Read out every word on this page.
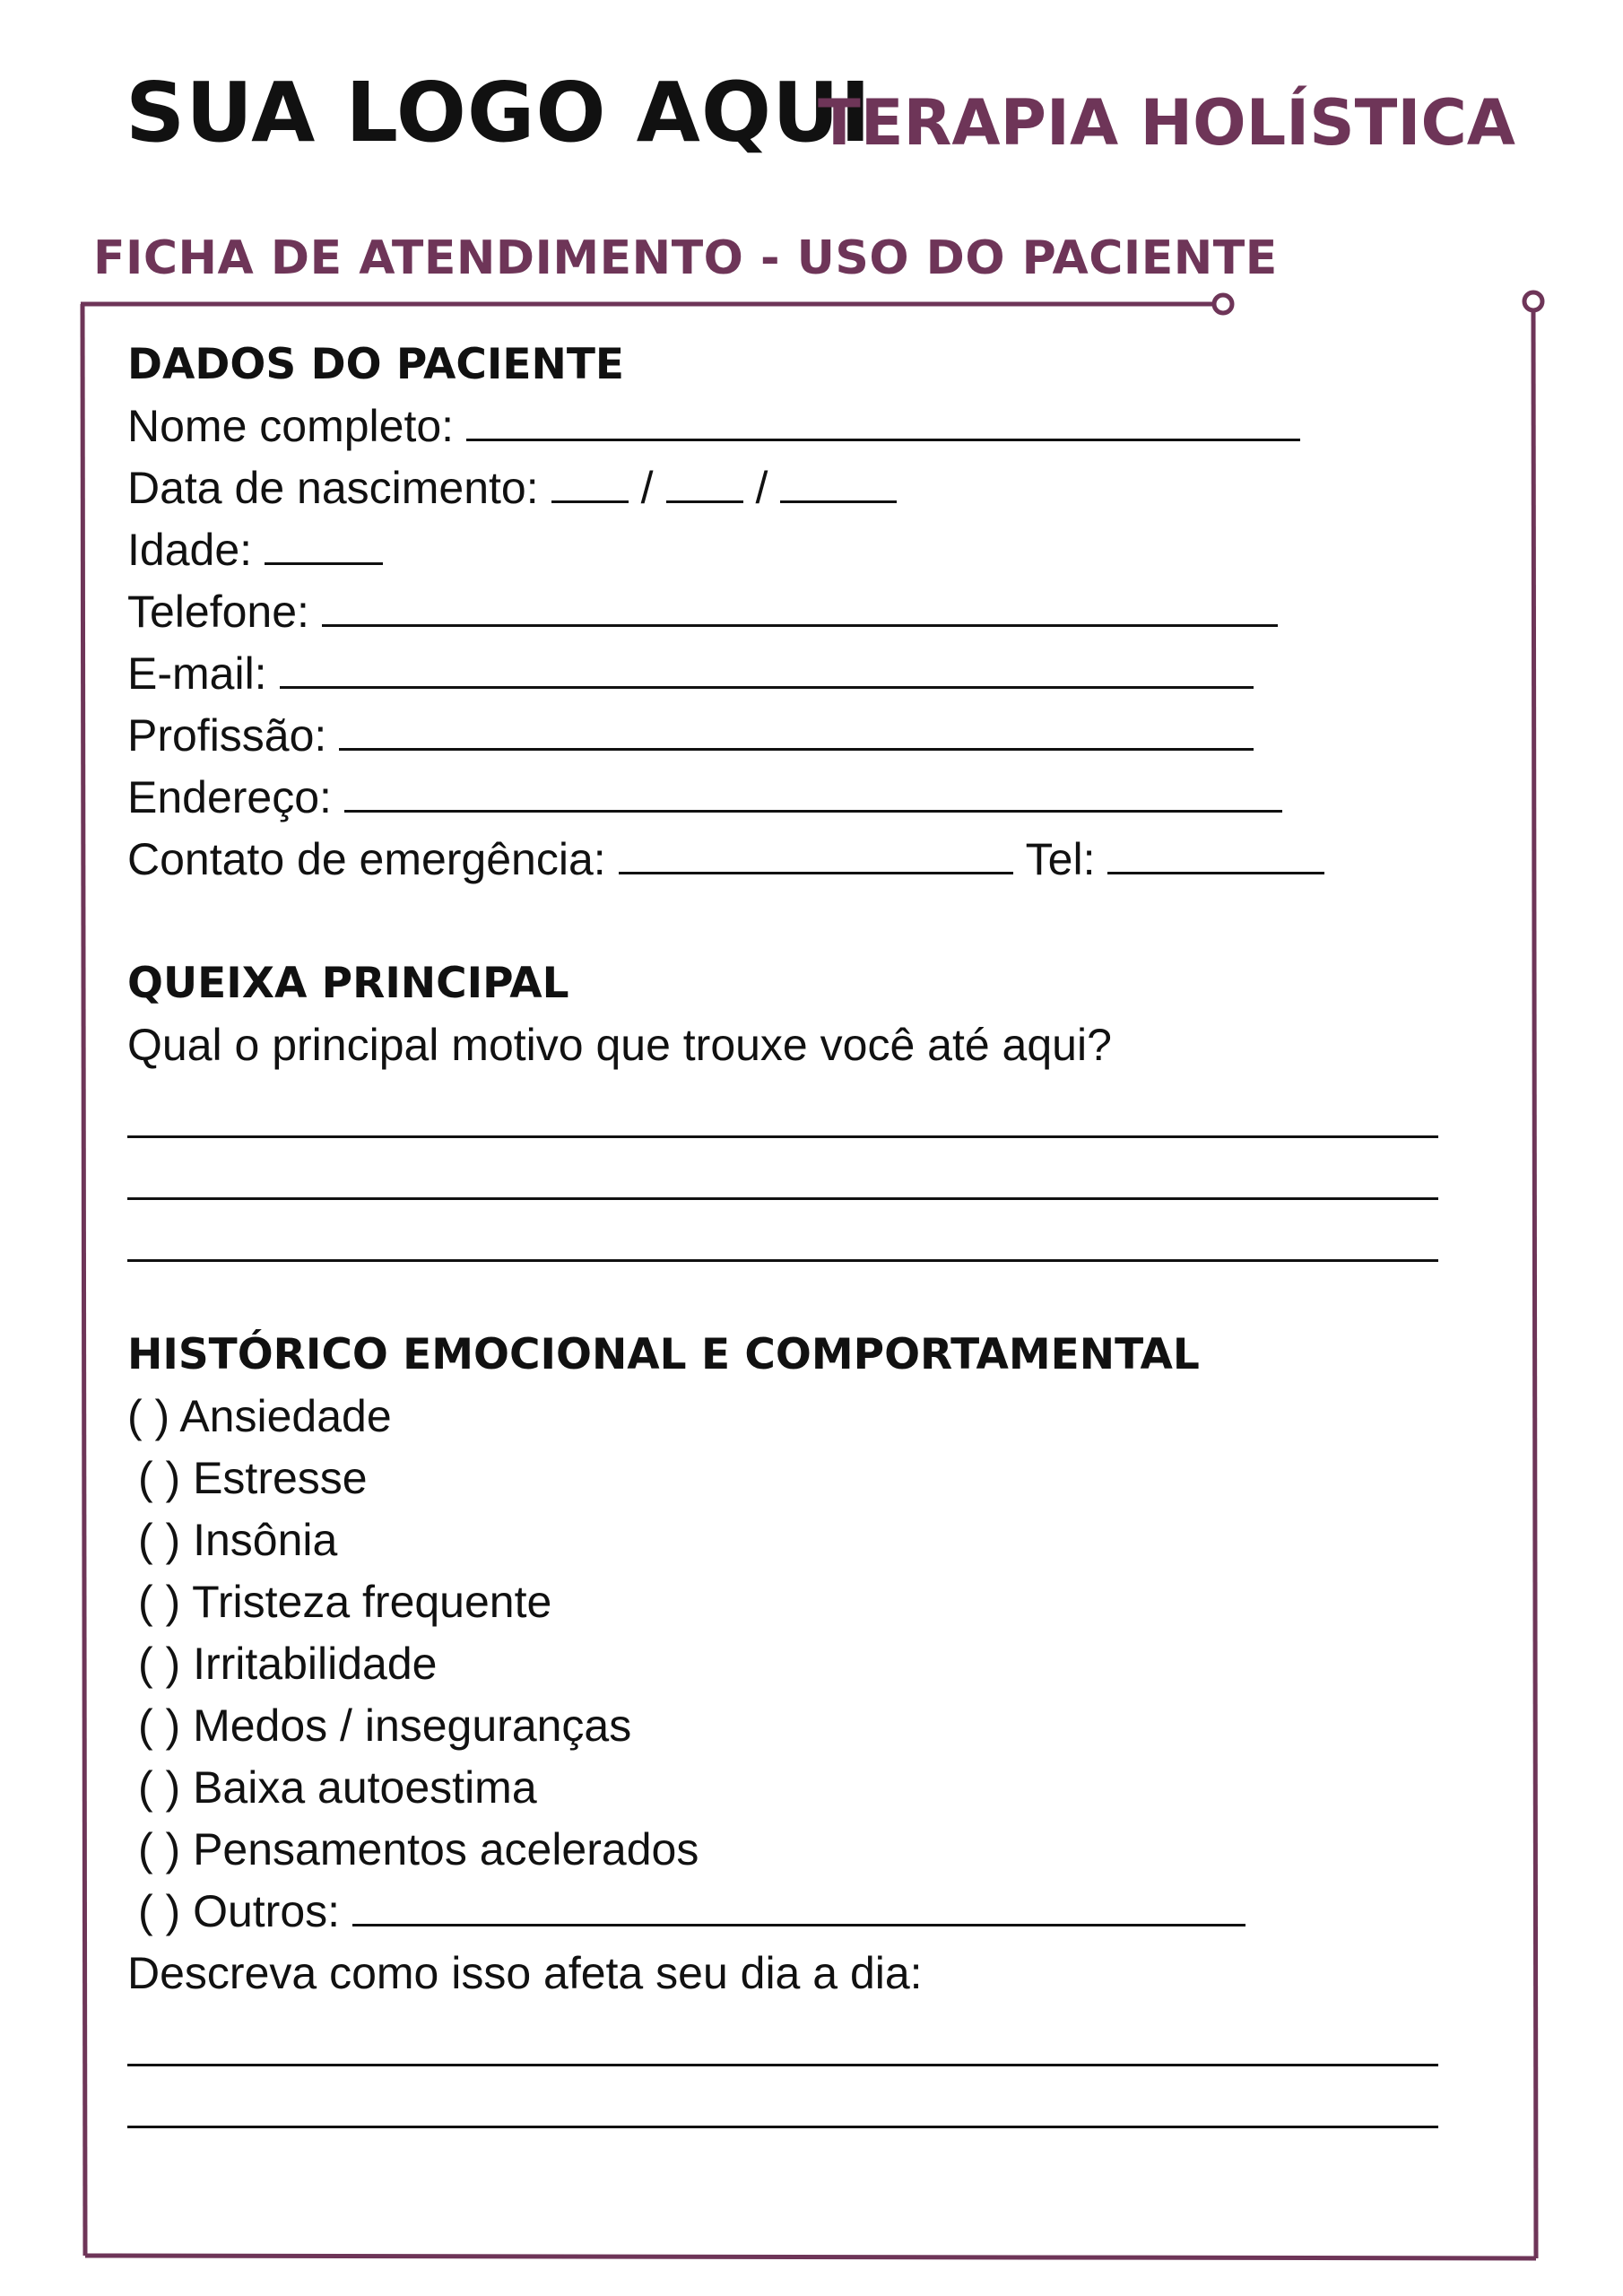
SUA LOGO AQUI
TERAPIA HOLÍSTICA
FICHA DE ATENDIMENTO - USO DO PACIENTE
DADOS DO PACIENTE
Nome completo:
Data de nascimento: / /
Idade:
Telefone:
E-mail:
Profissão:
Endereço:
Contato de emergência:	Tel:
QUEIXA PRINCIPAL
Qual o principal motivo que trouxe você até aqui?
HISTÓRICO EMOCIONAL E COMPORTAMENTAL
( ) Ansiedade
( ) Estresse
( ) Insônia
( ) Tristeza frequente
( ) Irritabilidade
( ) Medos / inseguranças
( ) Baixa autoestima
( ) Pensamentos acelerados
( ) Outros:
Descreva como isso afeta seu dia a dia:
